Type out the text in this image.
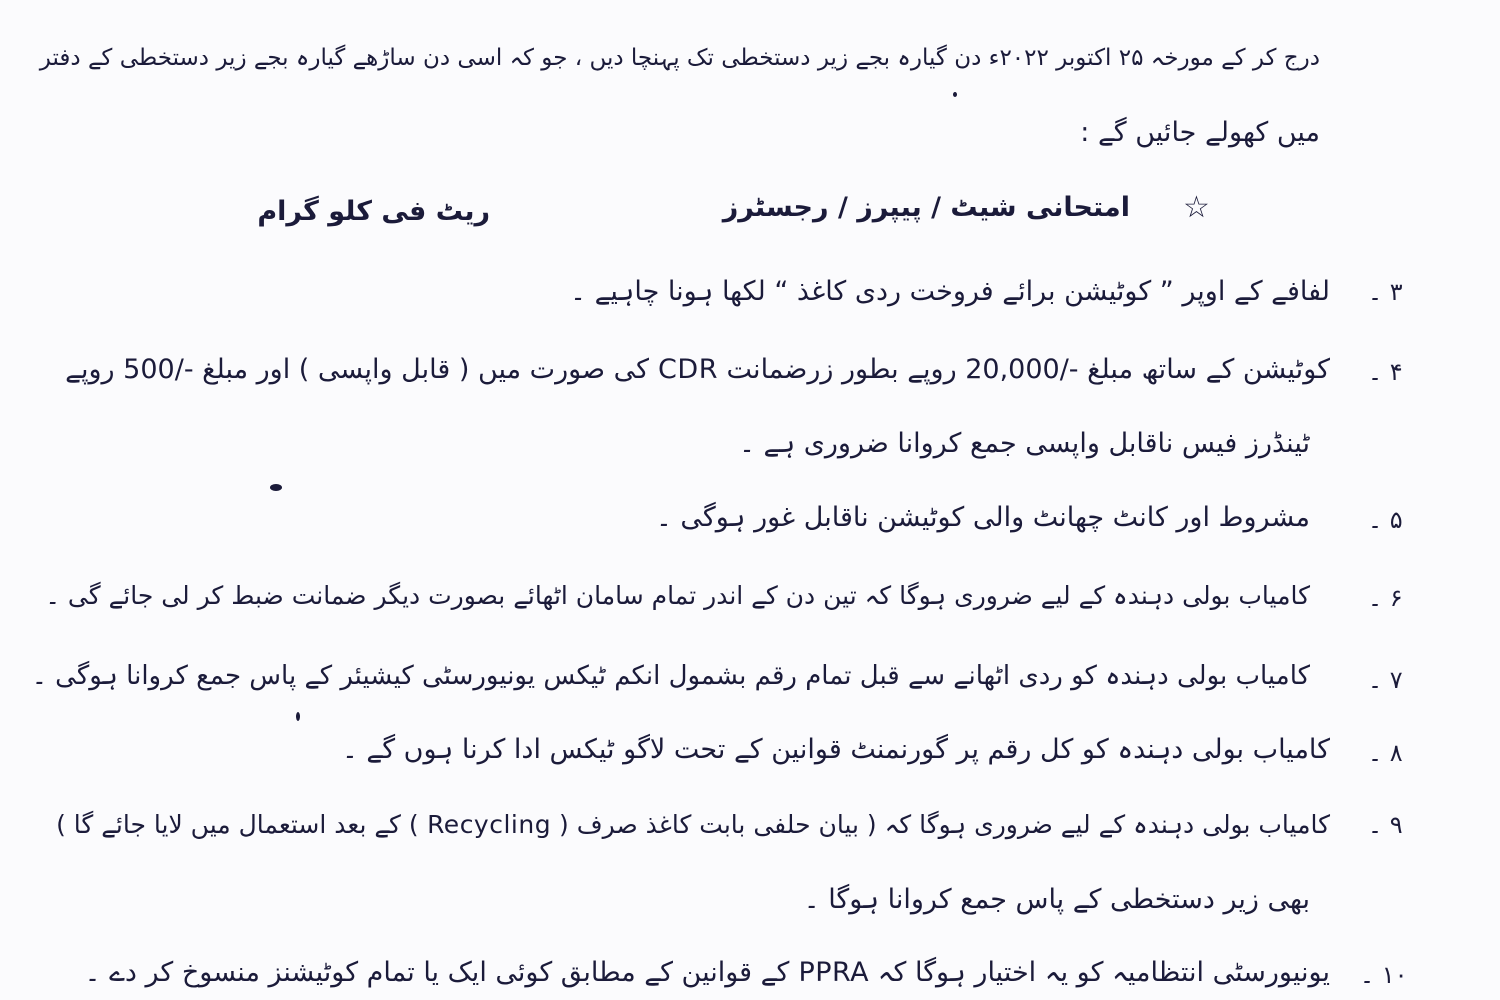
درج کر کے مورخہ ۲۵ اکتوبر ۲۰۲۲ء دن گیارہ بجے زیر دستخطی تک پہنچا دیں ، جو کہ اسی دن ساڑھے گیارہ بجے زیر دستخطی کے دفتر
میں کھولے جائیں گے :
☆
امتحانی شیٹ / پیپرز / رجسٹرز
ریٹ فی کلو گرام
۳ ۔
لفافے کے اوپر ” کوٹیشن برائے فروخت ردی کاغذ “ لکھا ہونا چاہیے ۔
۴ ۔
کوٹیشن کے ساتھ مبلغ -/20,000 روپے بطور زرضمانت CDR کی صورت میں ( قابل واپسی ) اور مبلغ -/500 روپے
ٹینڈرز فیس ناقابل واپسی جمع کروانا ضروری ہے ۔
۵ ۔
مشروط اور کانٹ چھانٹ والی کوٹیشن ناقابل غور ہوگی ۔
۶ ۔
کامیاب بولی دہندہ کے لیے ضروری ہوگا کہ تین دن کے اندر تمام سامان اٹھائے بصورت دیگر ضمانت ضبط کر لی جائے گی ۔
۷ ۔
کامیاب بولی دہندہ کو ردی اٹھانے سے قبل تمام رقم بشمول انکم ٹیکس یونیورسٹی کیشیئر کے پاس جمع کروانا ہوگی ۔
۸ ۔
کامیاب بولی دہندہ کو کل رقم پر گورنمنٹ قوانین کے تحت لاگو ٹیکس ادا کرنا ہوں گے ۔
۹ ۔
کامیاب بولی دہندہ کے لیے ضروری ہوگا کہ ( بیان حلفی بابت کاغذ صرف ( Recycling ) کے بعد استعمال میں لایا جائے گا )
بھی زیر دستخطی کے پاس جمع کروانا ہوگا ۔
۱۰ ۔
یونیورسٹی انتظامیہ کو یہ اختیار ہوگا کہ PPRA کے قوانین کے مطابق کوئی ایک یا تمام کوٹیشنز منسوخ کر دے ۔
